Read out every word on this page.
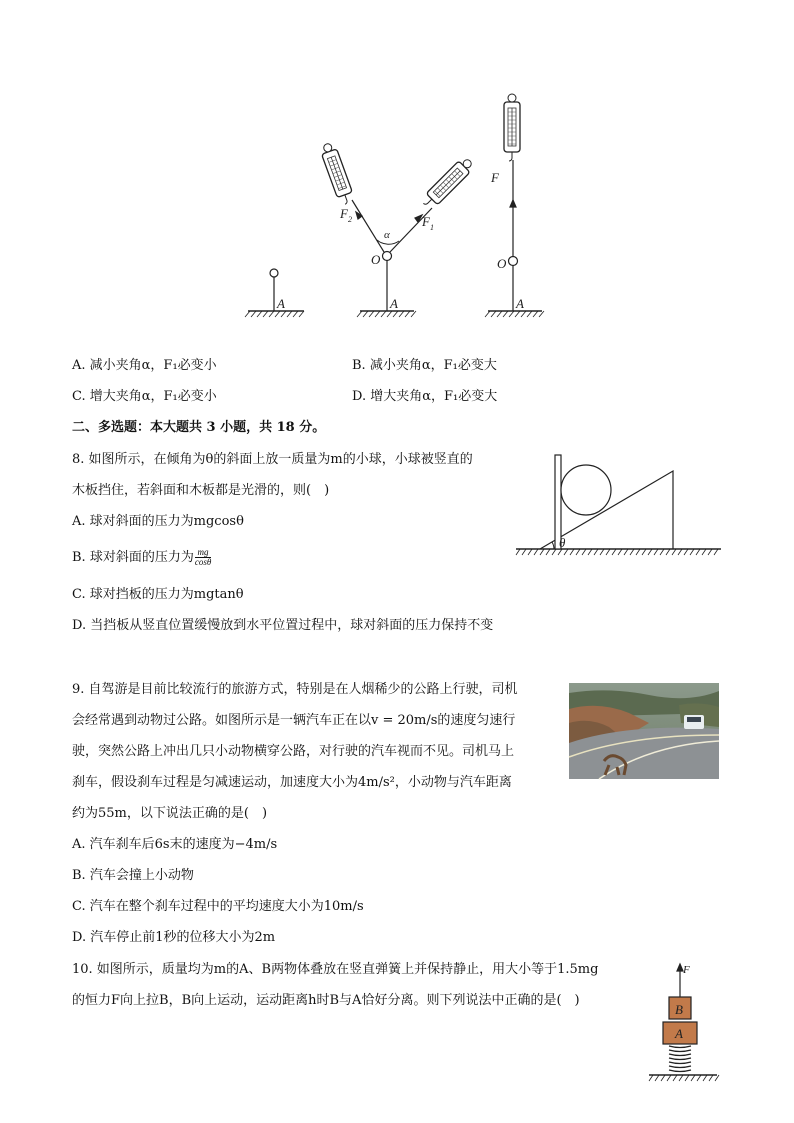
A
F 2	F 1
α
O
A
F
O
A
A. 减小夹角α，F₁必变小	B. 减小夹角α，F₁必变大
C. 增大夹角α，F₁必变小	D. 增大夹角α，F₁必变大
二、多选题：本大题共 3 小题，共 18 分。
8. 如图所示，在倾角为θ的斜面上放一质量为m的小球，小球被竖直的
木板挡住，若斜面和木板都是光滑的，则(　)
A. 球对斜面的压力为mgcosθ
B. 球对斜面的压力为 $\frac{mg}{\cos\theta}$
C. 球对挡板的压力为mgtanθ
D. 当挡板从竖直位置缓慢放到水平位置过程中，球对斜面的压力保持不变
θ
9. 自驾游是目前比较流行的旅游方式，特别是在人烟稀少的公路上行驶，司机
会经常遇到动物过公路。如图所示是一辆汽车正在以v = 20m/s的速度匀速行
驶，突然公路上冲出几只小动物横穿公路，对行驶的汽车视而不见。司机马上
刹车，假设刹车过程是匀减速运动，加速度大小为4m/s²，小动物与汽车距离
约为55m，以下说法正确的是(　)
A. 汽车刹车后6s末的速度为−4m/s
B. 汽车会撞上小动物
C. 汽车在整个刹车过程中的平均速度大小为10m/s
D. 汽车停止前1秒的位移大小为2m
10. 如图所示，质量均为m的A、B两物体叠放在竖直弹簧上并保持静止，用大小等于1.5mg
的恒力F向上拉B，B向上运动，运动距离h时B与A恰好分离。则下列说法中正确的是(　)
F
B
A
